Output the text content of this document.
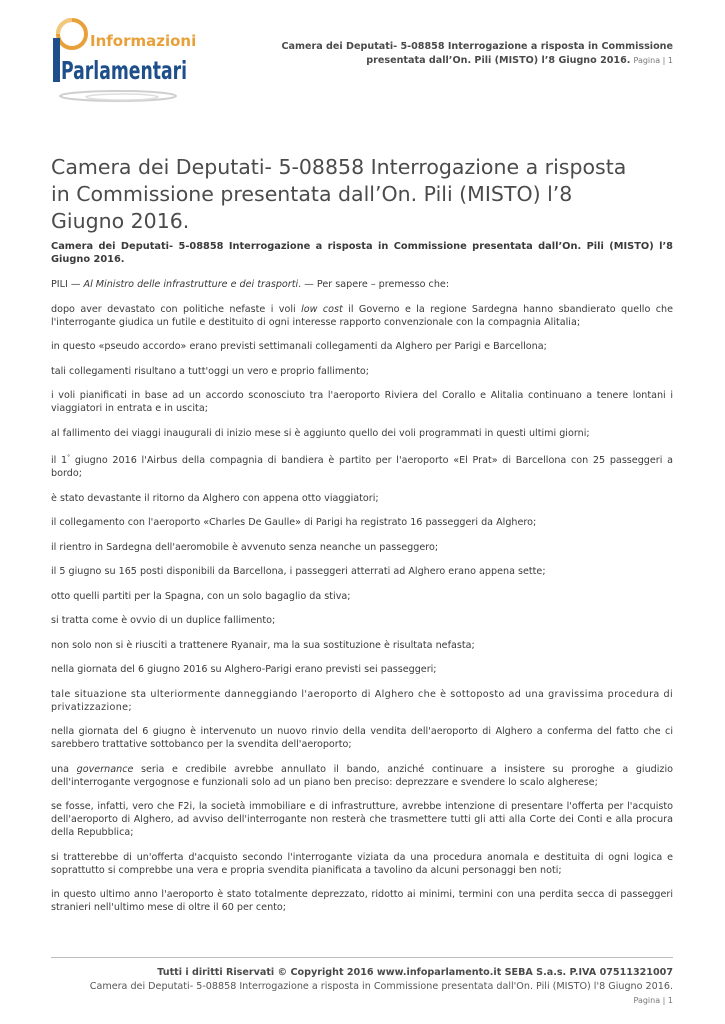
Informazioni
Parlamentari
Camera dei Deputati- 5-08858 Interrogazione a risposta in Commissione presentata dall’On. Pili (MISTO) l’8 Giugno 2016. Pagina | 1
Camera dei Deputati- 5-08858 Interrogazione a risposta in Commissione presentata dall’On. Pili (MISTO) l’8 Giugno 2016.

Camera dei Deputati- 5-08858 Interrogazione a risposta in Commissione presentata dall’On. Pili (MISTO) l’8 Giugno 2016.

PILI — Al Ministro delle infrastrutture e dei trasporti. — Per sapere – premesso che:

dopo aver devastato con politiche nefaste i voli low cost il Governo e la regione Sardegna hanno sbandierato quello che l'interrogante giudica un futile e destituito di ogni interesse rapporto convenzionale con la compagnia Alitalia;

in questo «pseudo accordo» erano previsti settimanali collegamenti da Alghero per Parigi e Barcellona;

tali collegamenti risultano a tutt'oggi un vero e proprio fallimento;

i voli pianificati in base ad un accordo sconosciuto tra l'aeroporto Riviera del Corallo e Alitalia continuano a tenere lontani i viaggiatori in entrata e in uscita;

al fallimento dei viaggi inaugurali di inizio mese si è aggiunto quello dei voli programmati in questi ultimi giorni;

il 1° giugno 2016 l'Airbus della compagnia di bandiera è partito per l'aeroporto «El Prat» di Barcellona con 25 passeggeri a bordo;

è stato devastante il ritorno da Alghero con appena otto viaggiatori;

il collegamento con l'aeroporto «Charles De Gaulle» di Parigi ha registrato 16 passeggeri da Alghero;

il rientro in Sardegna dell'aeromobile è avvenuto senza neanche un passeggero;

il 5 giugno su 165 posti disponibili da Barcellona, i passeggeri atterrati ad Alghero erano appena sette;

otto quelli partiti per la Spagna, con un solo bagaglio da stiva;

si tratta come è ovvio di un duplice fallimento;

non solo non si è riusciti a trattenere Ryanair, ma la sua sostituzione è risultata nefasta;

nella giornata del 6 giugno 2016 su Alghero-Parigi erano previsti sei passeggeri;

tale situazione sta ulteriormente danneggiando l'aeroporto di Alghero che è sottoposto ad una gravissima procedura di privatizzazione;

nella giornata del 6 giugno è intervenuto un nuovo rinvio della vendita dell'aeroporto di Alghero a conferma del fatto che ci sarebbero trattative sottobanco per la svendita dell'aeroporto;

una governance seria e credibile avrebbe annullato il bando, anziché continuare a insistere su proroghe a giudizio dell'interrogante vergognose e funzionali solo ad un piano ben preciso: deprezzare e svendere lo scalo algherese;

se fosse, infatti, vero che F2i, la società immobiliare e di infrastrutture, avrebbe intenzione di presentare l'offerta per l'acquisto dell'aeroporto di Alghero, ad avviso dell'interrogante non resterà che trasmettere tutti gli atti alla Corte dei Conti e alla procura della Repubblica;

si tratterebbe di un'offerta d'acquisto secondo l'interrogante viziata da una procedura anomala e destituita di ogni logica e soprattutto si comprebbe una vera e propria svendita pianificata a tavolino da alcuni personaggi ben noti;

in questo ultimo anno l'aeroporto è stato totalmente deprezzato, ridotto ai minimi, termini con una perdita secca di passeggeri stranieri nell'ultimo mese di oltre il 60 per cento;

Tutti i diritti Riservati © Copyright 2016 www.infoparlamento.it SEBA S.a.s. P.IVA 07511321007
Camera dei Deputati- 5-08858 Interrogazione a risposta in Commissione presentata dall'On. Pili (MISTO) l'8 Giugno 2016. Pagina | 1
